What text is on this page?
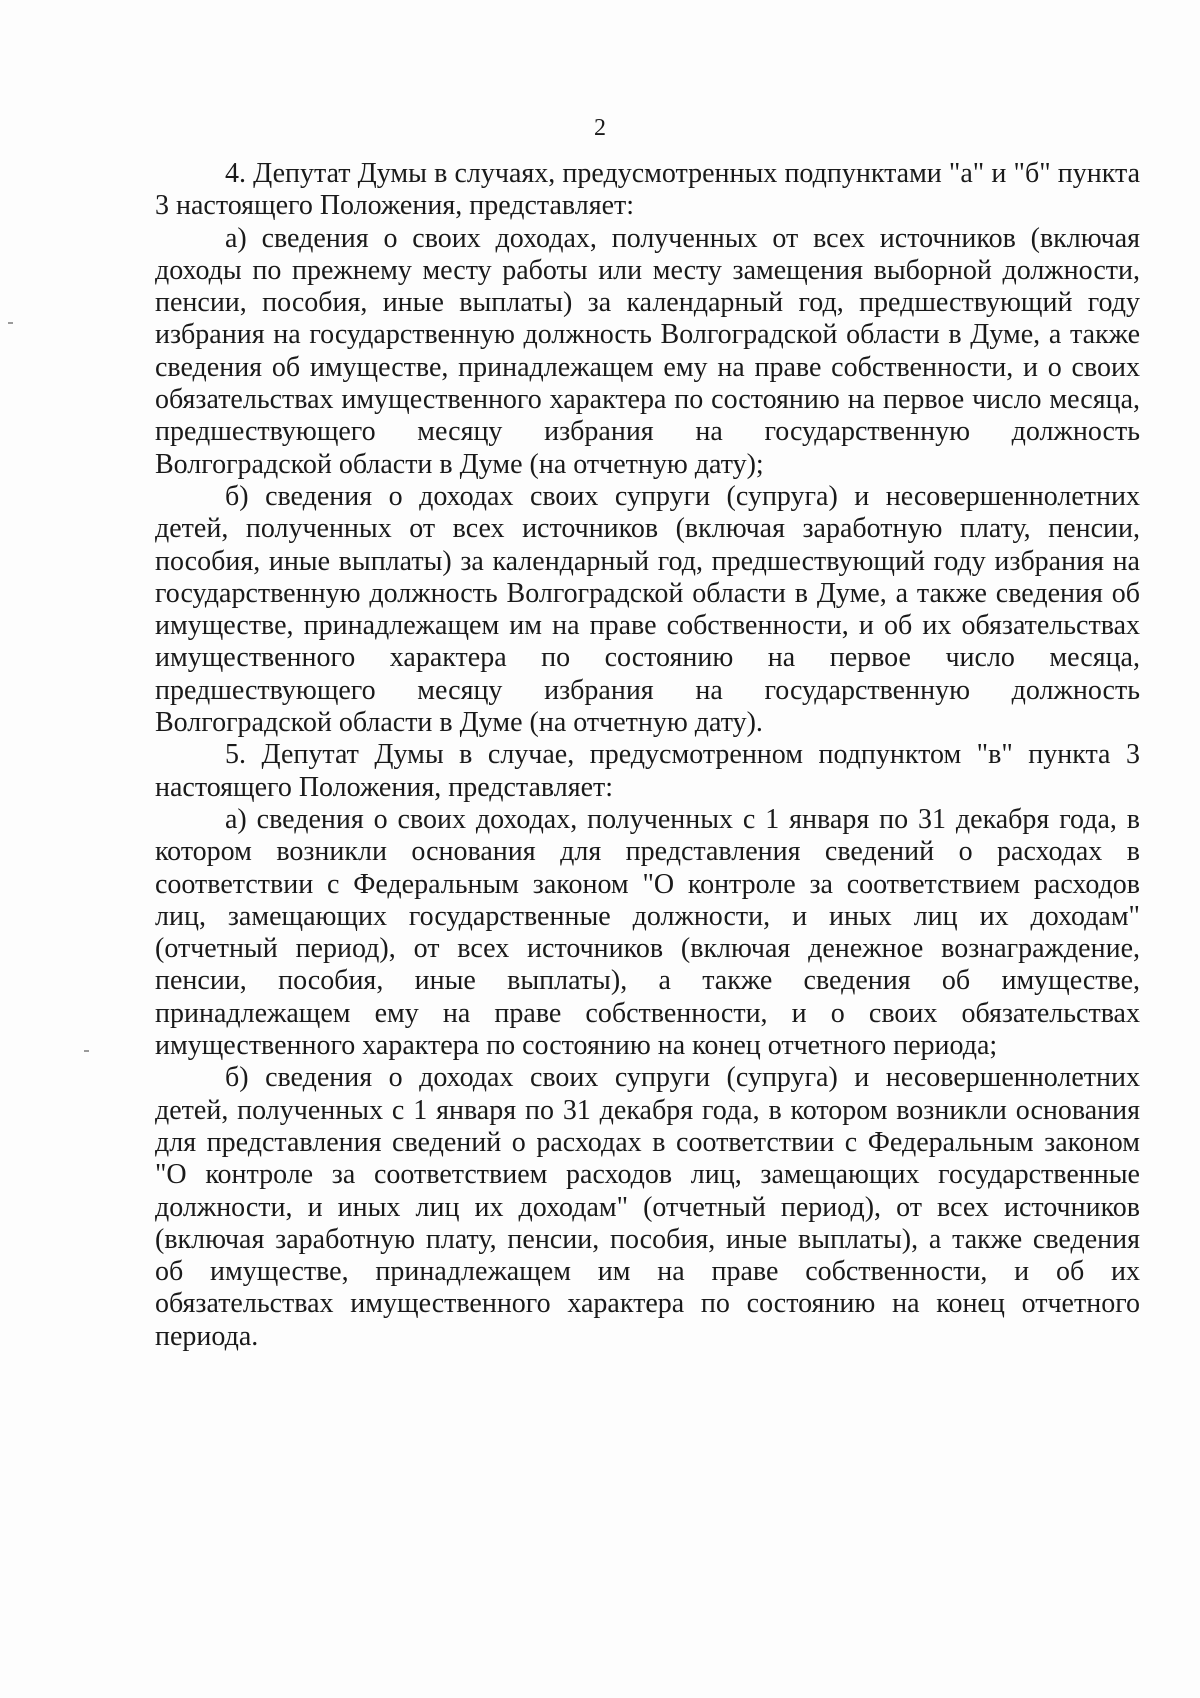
2

4. Депутат Думы в случаях, предусмотренных подпунктами "а" и "б" пункта 3 настоящего Положения, представляет:

а) сведения о своих доходах, полученных от всех источников (включая доходы по прежнему месту работы или месту замещения выборной должности, пенсии, пособия, иные выплаты) за календарный год, предшествующий году избрания на государственную должность Волгоградской области в Думе, а также сведения об имуществе, принадлежащем ему на праве собственности, и о своих обязательствах имущественного характера по состоянию на первое число месяца, предшествующего месяцу избрания на государственную должность Волгоградской области в Думе (на отчетную дату);

б) сведения о доходах своих супруги (супруга) и несовершеннолетних детей, полученных от всех источников (включая заработную плату, пенсии, пособия, иные выплаты) за календарный год, предшествующий году избрания на государственную должность Волгоградской области в Думе, а также сведения об имуществе, принадлежащем им на праве собственности, и об их обязательствах имущественного характера по состоянию на первое число месяца, предшествующего месяцу избрания на государственную должность Волгоградской области в Думе (на отчетную дату).

5. Депутат Думы в случае, предусмотренном подпунктом "в" пункта 3 настоящего Положения, представляет:

а) сведения о своих доходах, полученных с 1 января по 31 декабря года, в котором возникли основания для представления сведений о расходах в соответствии с Федеральным законом "О контроле за соответствием расходов лиц, замещающих государственные должности, и иных лиц их доходам" (отчетный период), от всех источников (включая денежное вознаграждение, пенсии, пособия, иные выплаты), а также сведения об имуществе, принадлежащем ему на праве собственности, и о своих обязательствах имущественного характера по состоянию на конец отчетного периода;

б) сведения о доходах своих супруги (супруга) и несовершеннолетних детей, полученных с 1 января по 31 декабря года, в котором возникли основания для представления сведений о расходах в соответствии с Федеральным законом "О контроле за соответствием расходов лиц, замещающих государственные должности, и иных лиц их доходам" (отчетный период), от всех источников (включая заработную плату, пенсии, пособия, иные выплаты), а также сведения об имуществе, принадлежащем им на праве собственности, и об их обязательствах имущественного характера по состоянию на конец отчетного периода.
